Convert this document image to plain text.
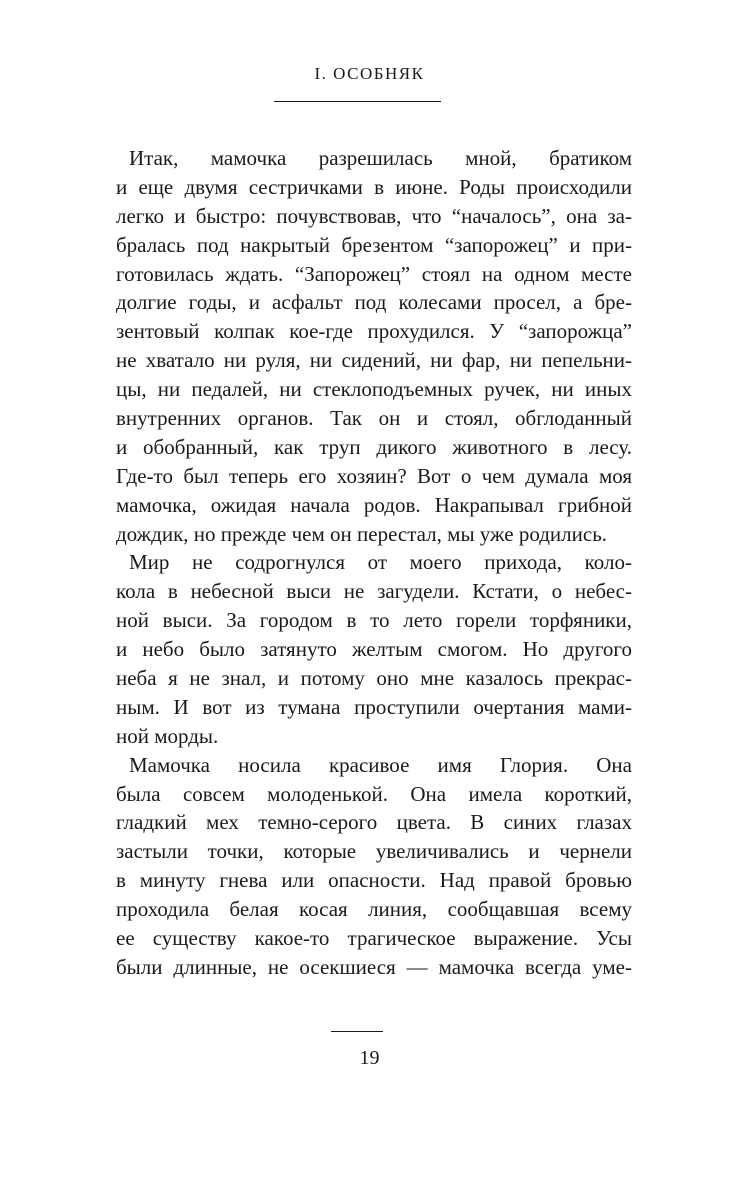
I. ОСОБНЯК
Итак, мамочка разрешилась мной, братиком
и еще двумя сестричками в июне. Роды происходили
легко и быстро: почувствовав, что “началось”, она за-
бралась под накрытый брезентом “запорожец” и при-
готовилась ждать. “Запорожец” стоял на одном месте
долгие годы, и асфальт под колесами просел, а бре-
зентовый колпак кое-где прохудился. У “запорожца”
не хватало ни руля, ни сидений, ни фар, ни пепельни-
цы, ни педалей, ни стеклоподъемных ручек, ни иных
внутренних органов. Так он и стоял, обглоданный
и обобранный, как труп дикого животного в лесу.
Где-то был теперь его хозяин? Вот о чем думала моя
мамочка, ожидая начала родов. Накрапывал грибной
дождик, но прежде чем он перестал, мы уже родились.
Мир не содрогнулся от моего прихода, коло-
кола в небесной выси не загудели. Кстати, о небес-
ной выси. За городом в то лето горели торфяники,
и небо было затянуто желтым смогом. Но другого
неба я не знал, и потому оно мне казалось прекрас-
ным. И вот из тумана проступили очертания мами-
ной морды.
Мамочка носила красивое имя Глория. Она
была совсем молоденькой. Она имела короткий,
гладкий мех темно-серого цвета. В синих глазах
застыли точки, которые увеличивались и чернели
в минуту гнева или опасности. Над правой бровью
проходила белая косая линия, сообщавшая всему
ее существу какое-то трагическое выражение. Усы
были длинные, не осекшиеся — мамочка всегда уме-
19
